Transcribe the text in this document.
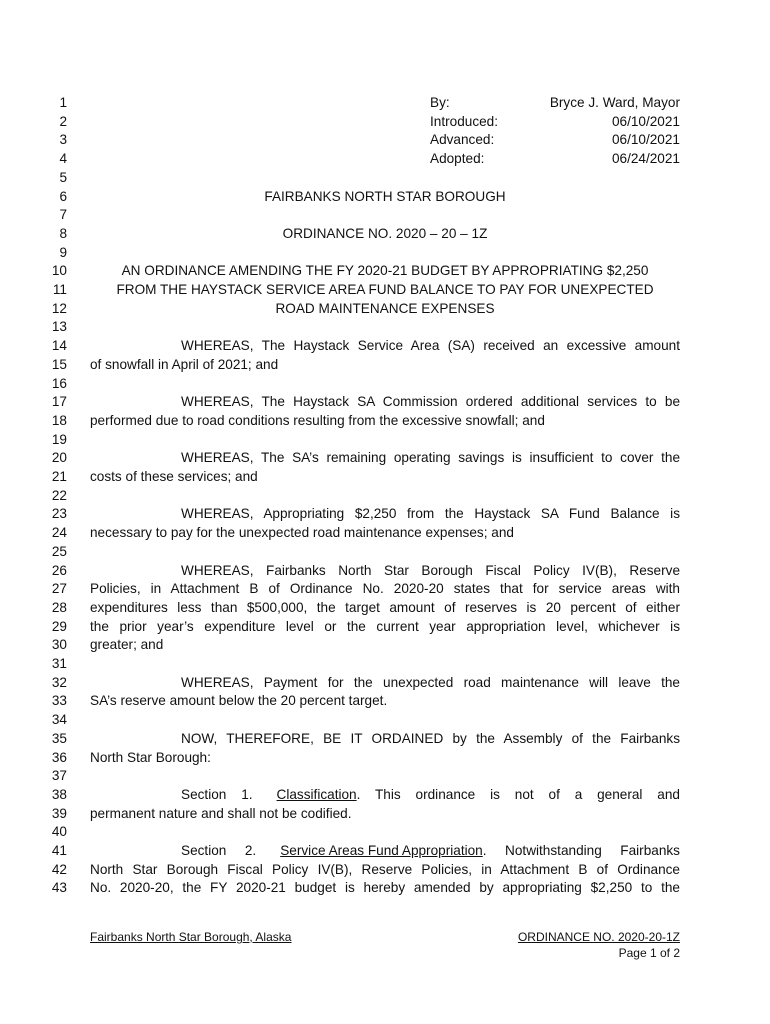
1
2
3
4
5
6
7
8
9
10
11
12
13
14
15
16
17
18
19
20
21
22
23
24
25
26
27
28
29
30
31
32
33
34
35
36
37
38
39
40
41
42
43
By:	Bryce J. Ward, Mayor
Introduced:	06/10/2021
Advanced:	06/10/2021
Adopted:	06/24/2021
FAIRBANKS NORTH STAR BOROUGH
ORDINANCE NO. 2020 – 20 – 1Z
AN ORDINANCE AMENDING THE FY 2020-21 BUDGET BY APPROPRIATING $2,250
FROM THE HAYSTACK SERVICE AREA FUND BALANCE TO PAY FOR UNEXPECTED
ROAD MAINTENANCE EXPENSES
WHEREAS, The Haystack Service Area (SA) received an excessive amount
of snowfall in April of 2021; and
WHEREAS, The Haystack SA Commission ordered additional services to be
performed due to road conditions resulting from the excessive snowfall; and
WHEREAS, The SA’s remaining operating savings is insufficient to cover the
costs of these services; and
WHEREAS, Appropriating $2,250 from the Haystack SA Fund Balance is
necessary to pay for the unexpected road maintenance expenses; and
WHEREAS, Fairbanks North Star Borough Fiscal Policy IV(B), Reserve
Policies, in Attachment B of Ordinance No. 2020-20 states that for service areas with
expenditures less than $500,000, the target amount of reserves is 20 percent of either
the prior year’s expenditure level or the current year appropriation level, whichever is
greater; and
WHEREAS, Payment for the unexpected road maintenance will leave the
SA’s reserve amount below the 20 percent target.
NOW, THEREFORE, BE IT ORDAINED by the Assembly of the Fairbanks
North Star Borough:
Section 1. Classification. This ordinance is not of a general and
permanent nature and shall not be codified.
Section 2. Service Areas Fund Appropriation. Notwithstanding Fairbanks
North Star Borough Fiscal Policy IV(B), Reserve Policies, in Attachment B of Ordinance
No. 2020-20, the FY 2020-21 budget is hereby amended by appropriating $2,250 to the
Fairbanks North Star Borough, Alaska	ORDINANCE NO. 2020-20-1Z
Page 1 of 2
